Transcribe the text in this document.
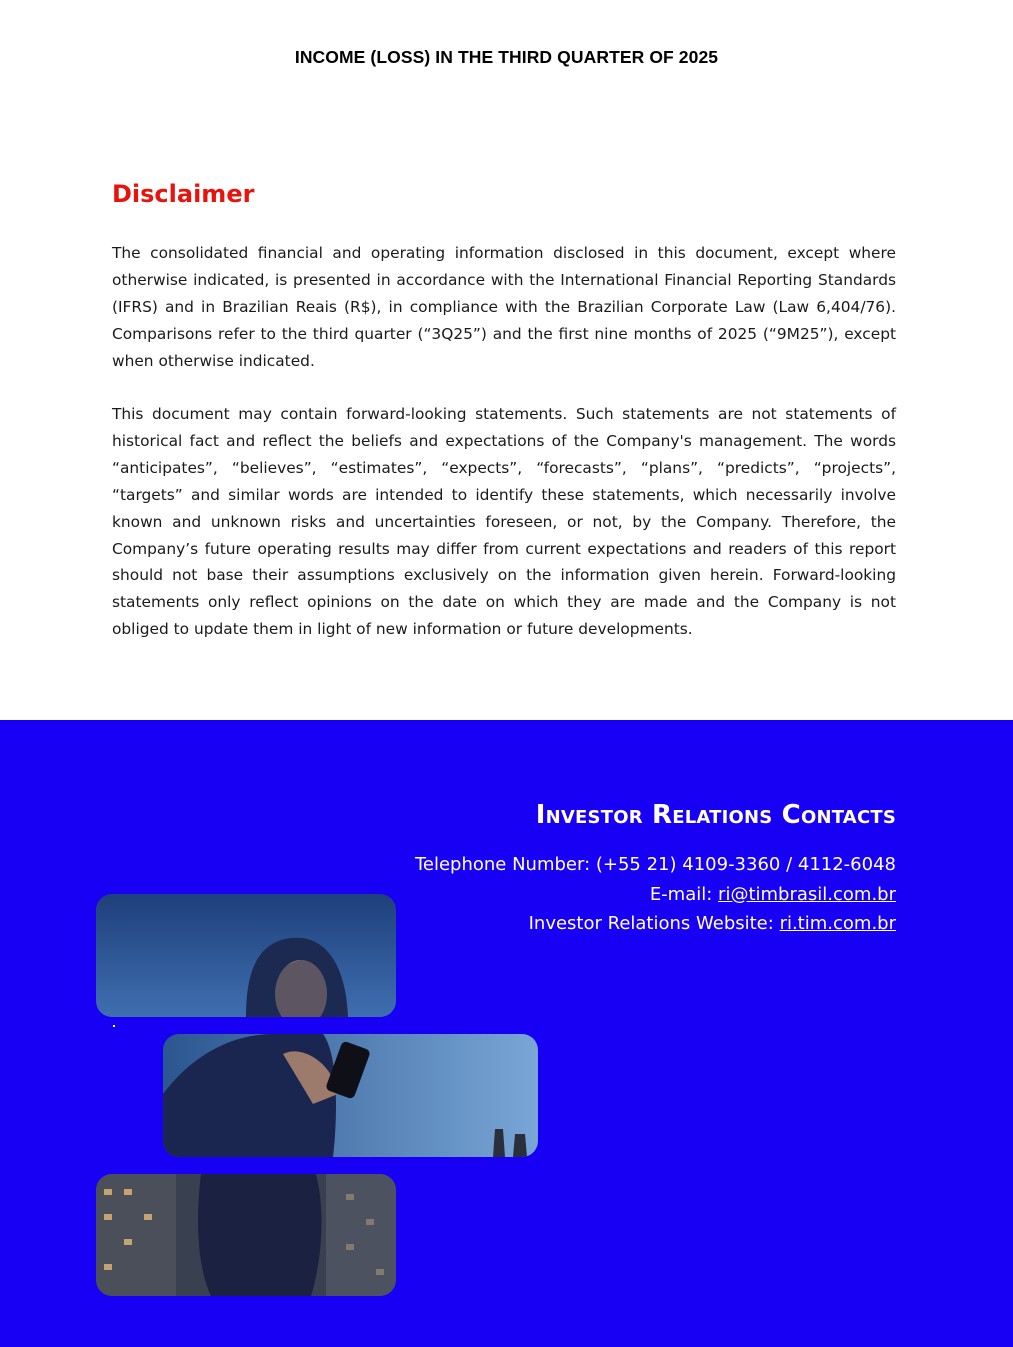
INCOME (LOSS) IN THE THIRD QUARTER OF 2025
Disclaimer

The consolidated financial and operating information disclosed in this document, except where otherwise indicated, is presented in accordance with the International Financial Reporting Standards (IFRS) and in Brazilian Reais (R$), in compliance with the Brazilian Corporate Law (Law 6,404/76). Comparisons refer to the third quarter (“3Q25”) and the first nine months of 2025 (“9M25”), except when otherwise indicated.

This document may contain forward-looking statements. Such statements are not statements of historical fact and reflect the beliefs and expectations of the Company's management. The words “anticipates”, “believes”, “estimates”, “expects”, “forecasts”, “plans”, “predicts”, “projects”, “targets” and similar words are intended to identify these statements, which necessarily involve known and unknown risks and uncertainties foreseen, or not, by the Company. Therefore, the Company’s future operating results may differ from current expectations and readers of this report should not base their assumptions exclusively on the information given herein. Forward-looking statements only reflect opinions on the date on which they are made and the Company is not obliged to update them in light of new information or future developments.

Investor Relations Contacts
Telephone Number: (+55 21) 4109-3360 / 4112-6048
E-mail: ri@timbrasil.com.br
Investor Relations Website: ri.tim.com.br
